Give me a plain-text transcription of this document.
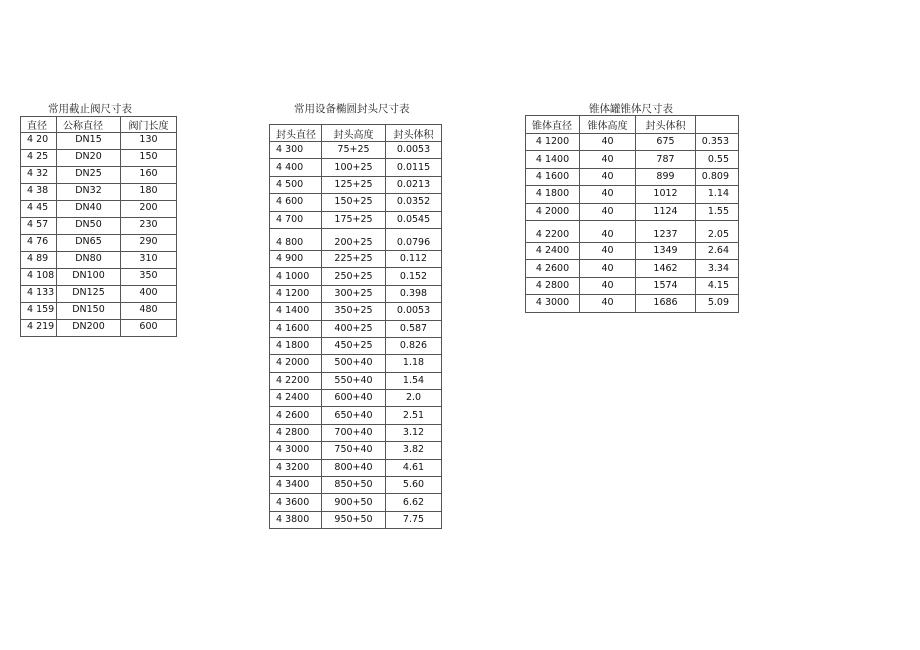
常用截止阀尺寸表
直径	公称直径	阀门长度
4 20	DN15	130
4 25	DN20	150
4 32	DN25	160
4 38	DN32	180
4 45	DN40	200
4 57	DN50	230
4 76	DN65	290
4 89	DN80	310
4 108	DN100	350
4 133	DN125	400
4 159	DN150	480
4 219	DN200	600
常用设备椭圆封头尺寸表
封头直径	封头高度	封头体积
4 300	75+25	0.0053
4 400	100+25	0.0115
4 500	125+25	0.0213
4 600	150+25	0.0352
4 700	175+25	0.0545
4 800	200+25	0.0796
4 900	225+25	0.112
4 1000	250+25	0.152
4 1200	300+25	0.398
4 1400	350+25	0.0053
4 1600	400+25	0.587
4 1800	450+25	0.826
4 2000	500+40	1.18
4 2200	550+40	1.54
4 2400	600+40	2.0
4 2600	650+40	2.51
4 2800	700+40	3.12
4 3000	750+40	3.82
4 3200	800+40	4.61
4 3400	850+50	5.60
4 3600	900+50	6.62
4 3800	950+50	7.75
锥体罐锥体尺寸表
锥体直径	锥体高度	封头体积	
4 1200	40	675	0.353
4 1400	40	787	0.55
4 1600	40	899	0.809
4 1800	40	1012	1.14
4 2000	40	1124	1.55
4 2200	40	1237	2.05
4 2400	40	1349	2.64
4 2600	40	1462	3.34
4 2800	40	1574	4.15
4 3000	40	1686	5.09
